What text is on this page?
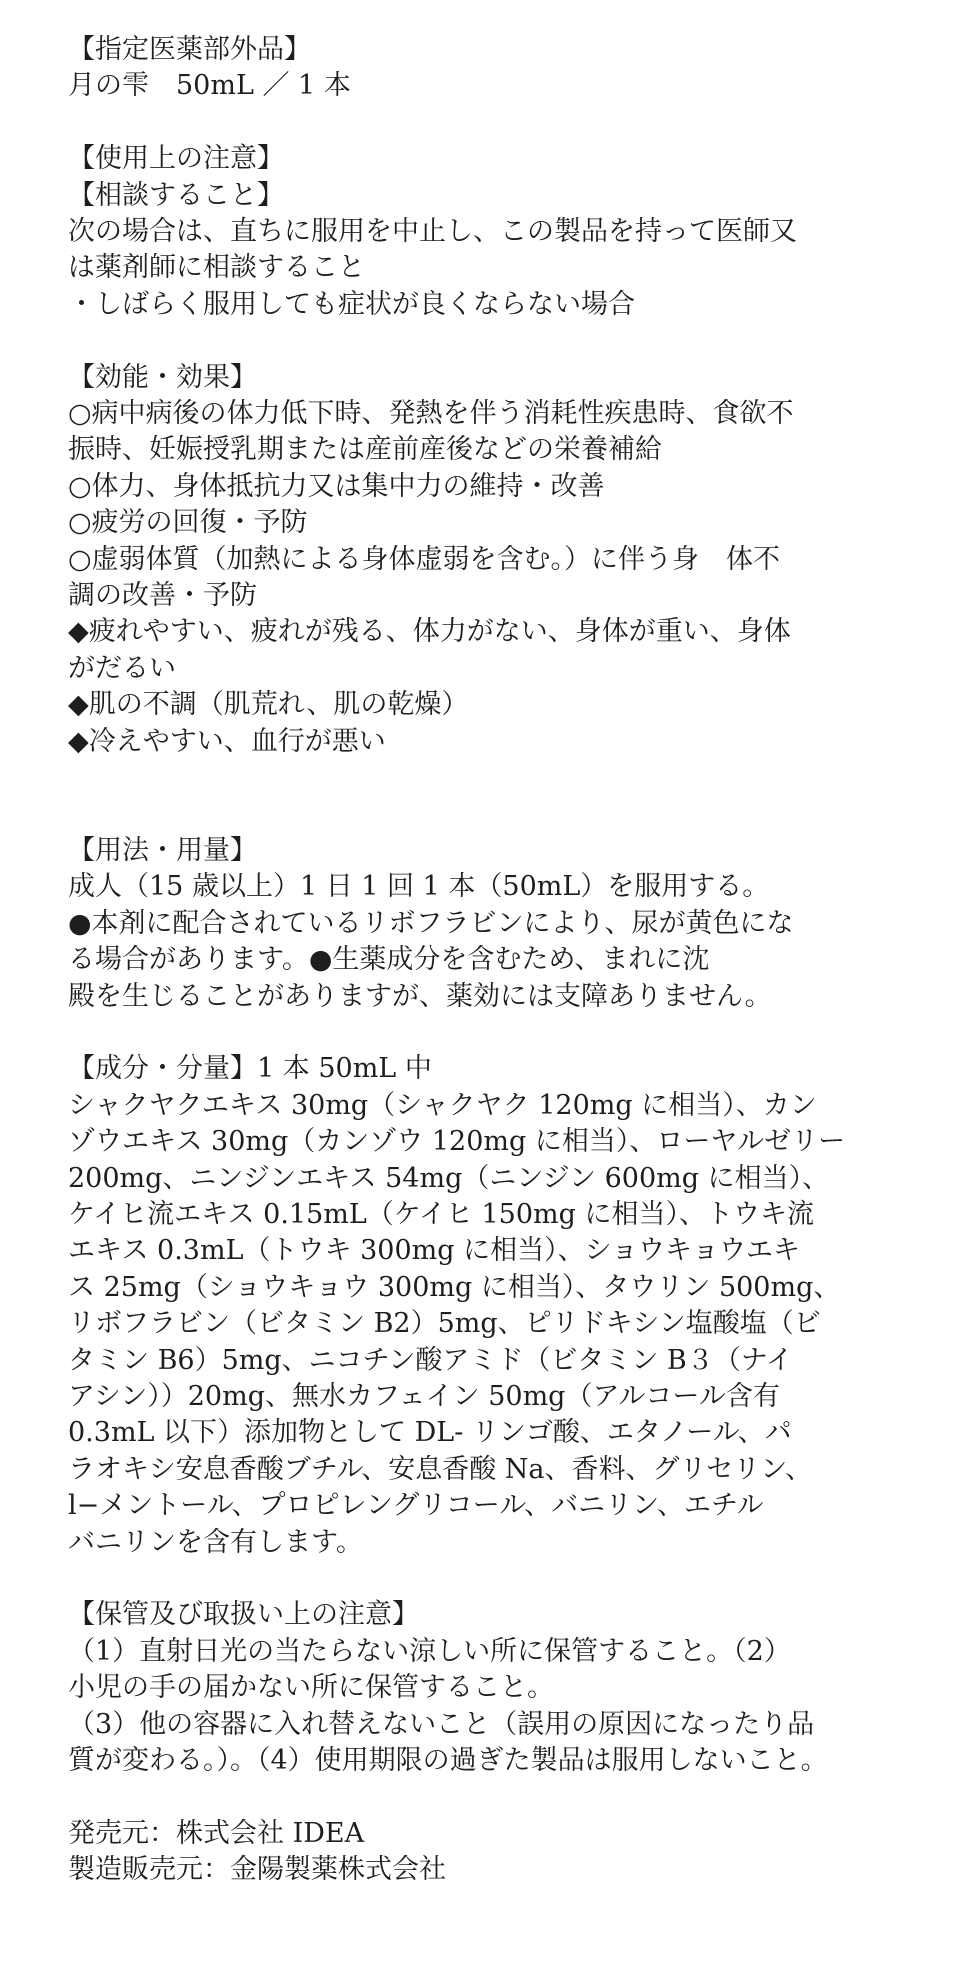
【指定医薬部外品】
月の雫　50mL ／ 1 本
【使用上の注意】
【相談すること】
次の場合は、直ちに服用を中止し、この製品を持って医師又
は薬剤師に相談すること
・しばらく服用しても症状が良くならない場合
【効能・効果】
○病中病後の体力低下時、発熱を伴う消耗性疾患時、食欲不
振時、妊娠授乳期または産前産後などの栄養補給
○体力、身体抵抗力又は集中力の維持・改善
○疲労の回復・予防
○虚弱体質（加熱による身体虚弱を含む。）に伴う身　体不
調の改善・予防
◆疲れやすい、疲れが残る、体力がない、身体が重い、身体
がだるい
◆肌の不調（肌荒れ、肌の乾燥）
◆冷えやすい、血行が悪い
【用法・用量】
成人（15 歳以上）1 日 1 回 1 本（50mL）を服用する。
●本剤に配合されているリボフラビンにより、尿が黄色にな
る場合があります。●生薬成分を含むため、まれに沈
殿を生じることがありますが、薬効には支障ありません。
【成分・分量】1 本 50mL 中
シャクヤクエキス 30mg（シャクヤク 120mg に相当）、カン
ゾウエキス 30mg（カンゾウ 120mg に相当）、ローヤルゼリー
200mg、ニンジンエキス 54mg（ニンジン 600mg に相当）、
ケイヒ流エキス 0.15mL（ケイヒ 150mg に相当）、トウキ流
エキス 0.3mL（トウキ 300mg に相当）、ショウキョウエキ
ス 25mg（ショウキョウ 300mg に相当）、タウリン 500mg、
リボフラビン（ビタミン B2）5mg、ピリドキシン塩酸塩（ビ
タミン B6）5mg、ニコチン酸アミド（ビタミン B３（ナイ
アシン））20mg、無水カフェイン 50mg（アルコール含有
0.3mL 以下）添加物として DL- リンゴ酸、エタノール、パ
ラオキシ安息香酸ブチル、安息香酸 Na、香料、グリセリン、
l−メントール、プロピレングリコール、バニリン、エチル
バニリンを含有します。
【保管及び取扱い上の注意】
（1）直射日光の当たらない涼しい所に保管すること。（2）
小児の手の届かない所に保管すること。
（3）他の容器に入れ替えないこと（誤用の原因になったり品
質が変わる。）。（4）使用期限の過ぎた製品は服用しないこと。
発売元：株式会社 IDEA
製造販売元：金陽製薬株式会社
